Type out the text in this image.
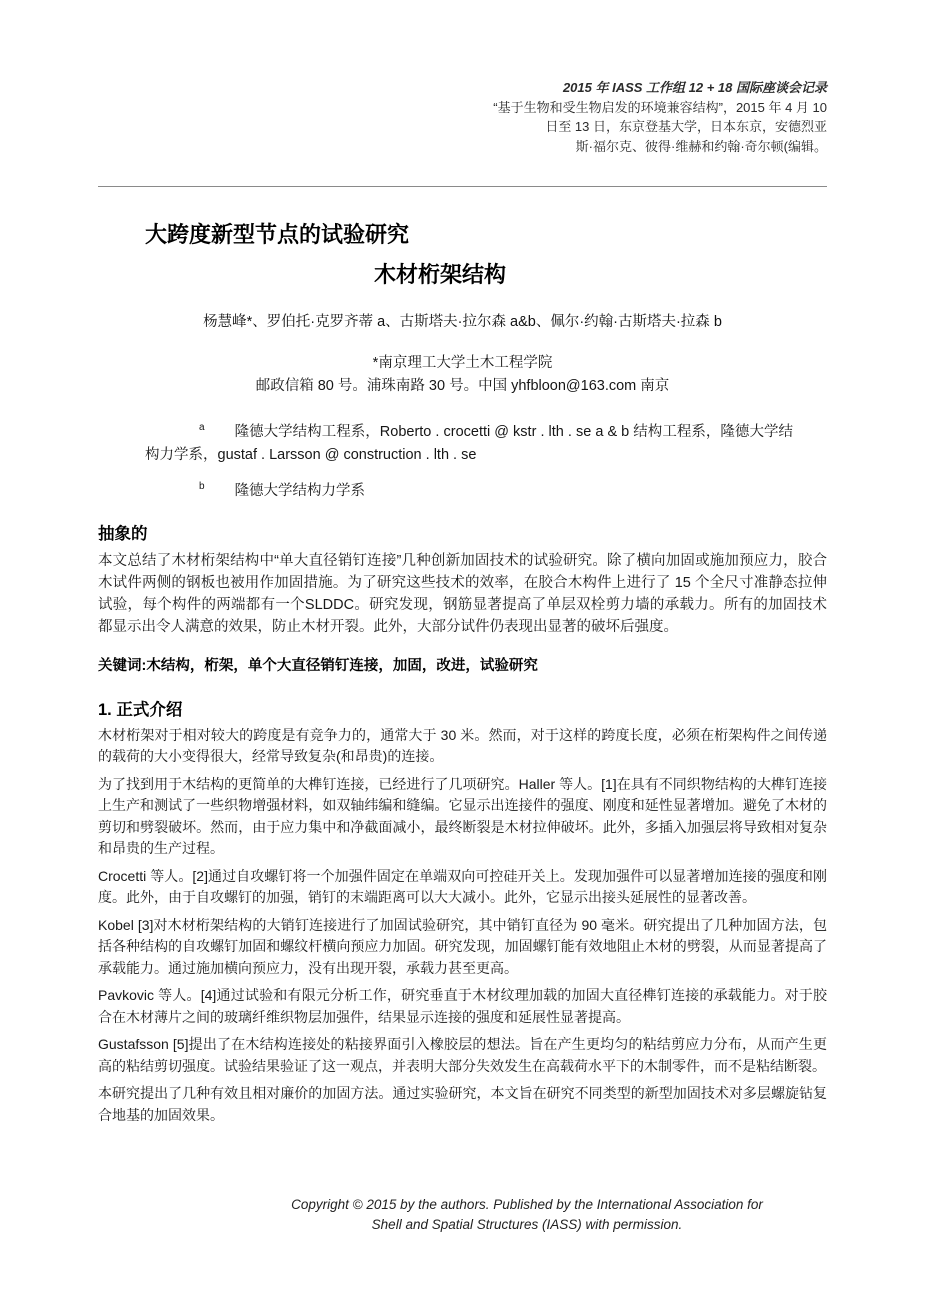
2015 年 IASS 工作组 12 + 18 国际座谈会记录
“基于生物和受生物启发的环境兼容结构”，2015 年 4 月 10
日至 13 日，东京登基大学，日本东京，安德烈亚
斯·福尔克、彼得·维赫和约翰·奇尔顿(编辑。
大跨度新型节点的试验研究
木材桁架结构
杨慧峰*、罗伯托·克罗齐蒂 a、古斯塔夫·拉尔森 a&b、佩尔·约翰·古斯塔夫·拉森 b
*南京理工大学土木工程学院
邮政信箱 80 号。浦珠南路 30 号。中国 yhfbloon@163.com 南京
$^a$ 隆德大学结构工程系，Roberto . crocetti @ kstr . lth . se a & b 结构工程系，隆德大学结构力学系，gustaf . Larsson @ construction . lth . se
$^b$ 隆德大学结构力学系
抽象的

本文总结了木材桁架结构中“单大直径销钉连接”几种创新加固技术的试验研究。除了横向加固或施加预应力，胶合木试件两侧的钢板也被用作加固措施。为了研究这些技术的效率，在胶合木构件上进行了 15 个全尺寸准静态拉伸试验，每个构件的两端都有一个SLDDC。研究发现，钢筋显著提高了单层双栓剪力墙的承载力。所有的加固技术都显示出令人满意的效果，防止木材开裂。此外，大部分试件仍表现出显著的破坏后强度。

关键词:木结构，桁架，单个大直径销钉连接，加固，改进，试验研究
1. 正式介绍

木材桁架对于相对较大的跨度是有竞争力的，通常大于 30 米。然而，对于这样的跨度长度，必须在桁架构件之间传递的载荷的大小变得很大，经常导致复杂(和昂贵)的连接。

为了找到用于木结构的更简单的大榫钉连接，已经进行了几项研究。Haller 等人。[1]在具有不同织物结构的大榫钉连接上生产和测试了一些织物增强材料，如双轴纬编和缝编。它显示出连接件的强度、刚度和延性显著增加。避免了木材的剪切和劈裂破坏。然而，由于应力集中和净截面减小，最终断裂是木材拉伸破坏。此外，多插入加强层将导致相对复杂和昂贵的生产过程。

Crocetti 等人。[2]通过自攻螺钉将一个加强件固定在单端双向可控硅开关上。发现加强件可以显著增加连接的强度和刚度。此外，由于自攻螺钉的加强，销钉的末端距离可以大大减小。此外，它显示出接头延展性的显著改善。

Kobel [3]对木材桁架结构的大销钉连接进行了加固试验研究，其中销钉直径为 90 毫米。研究提出了几种加固方法，包括各种结构的自攻螺钉加固和螺纹杆横向预应力加固。研究发现，加固螺钉能有效地阻止木材的劈裂，从而显著提高了承载能力。通过施加横向预应力，没有出现开裂，承载力甚至更高。

Pavkovic 等人。[4]通过试验和有限元分析工作，研究垂直于木材纹理加载的加固大直径榫钉连接的承载能力。对于胶合在木材薄片之间的玻璃纤维织物层加强件，结果显示连接的强度和延展性显著提高。

Gustafsson [5]提出了在木结构连接处的粘接界面引入橡胶层的想法。旨在产生更均匀的粘结剪应力分布，从而产生更高的粘结剪切强度。试验结果验证了这一观点，并表明大部分失效发生在高载荷水平下的木制零件，而不是粘结断裂。

本研究提出了几种有效且相对廉价的加固方法。通过实验研究，本文旨在研究不同类型的新型加固技术对多层螺旋钻复合地基的加固效果。

Copyright © 2015 by the authors. Published by the International Association for
Shell and Spatial Structures (IASS) with permission.
